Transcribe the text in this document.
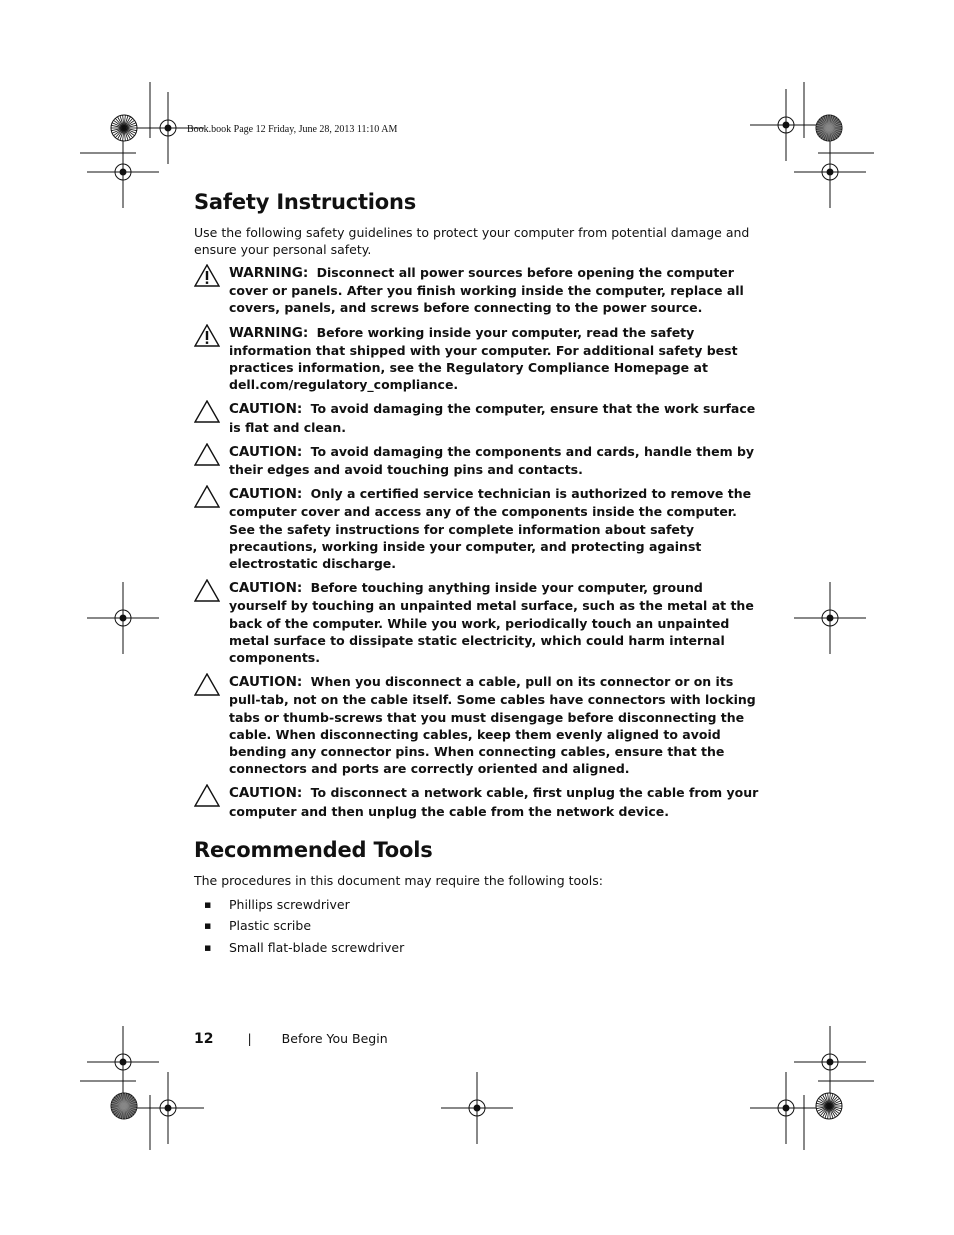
Book.book Page 12 Friday, June 28, 2013 11:10 AM
Safety Instructions

Use the following safety guidelines to protect your computer from potential damage and ensure your personal safety.

WARNING: Disconnect all power sources before opening the computer cover or panels. After you finish working inside the computer, replace all covers, panels, and screws before connecting to the power source.
WARNING: Before working inside your computer, read the safety information that shipped with your computer. For additional safety best practices information, see the Regulatory Compliance Homepage at dell.com/regulatory_compliance.
CAUTION: To avoid damaging the computer, ensure that the work surface is flat and clean.
CAUTION: To avoid damaging the components and cards, handle them by their edges and avoid touching pins and contacts.
CAUTION: Only a certified service technician is authorized to remove the computer cover and access any of the components inside the computer. See the safety instructions for complete information about safety precautions, working inside your computer, and protecting against electrostatic discharge.
CAUTION: Before touching anything inside your computer, ground yourself by touching an unpainted metal surface, such as the metal at the back of the computer. While you work, periodically touch an unpainted metal surface to dissipate static electricity, which could harm internal components.
CAUTION: When you disconnect a cable, pull on its connector or on its pull-tab, not on the cable itself. Some cables have connectors with locking tabs or thumb-screws that you must disengage before disconnecting the cable. When disconnecting cables, keep them evenly aligned to avoid bending any connector pins. When connecting cables, ensure that the connectors and ports are correctly oriented and aligned.
CAUTION: To disconnect a network cable, first unplug the cable from your computer and then unplug the cable from the network device.
Recommended Tools

The procedures in this document may require the following tools:

▪ Phillips screwdriver
▪ Plastic scribe
▪ Small flat-blade screwdriver
12	| Before You Begin
